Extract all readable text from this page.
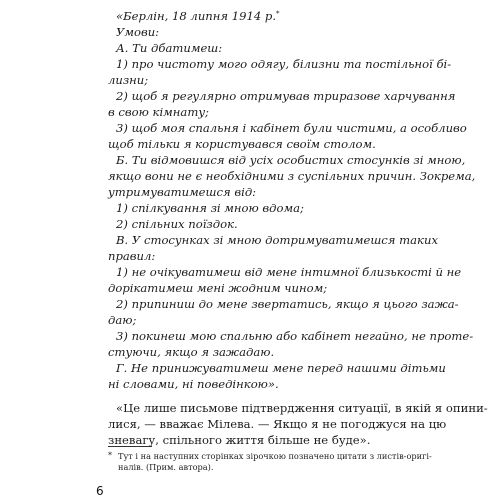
«Берлін, 18 липня 1914 р.*
Умови:
А. Ти дбатимеш:
1) про чистоту мого одягу, білизни та постільної бі-
лизни;
2) щоб я регулярно отримував триразове харчування
в свою кімнату;
3) щоб моя спальня і кабінет були чистими, а особливо
щоб тільки я користувався своїм столом.
Б. Ти відмовишся від усіх особистих стосунків зі мною,
якщо вони не є необхідними з суспільних причин. Зокрема,
утримуватимешся від:
1) спілкування зі мною вдома;
2) спільних поїздок.
В. У стосунках зі мною дотримуватимешся таких
правил:
1) не очікуватимеш від мене інтимної близькості й не
дорікатимеш мені жодним чином;
2) припиниш до мене звертатись, якщо я цього зажа-
даю;
3) покинеш мою спальню або кабінет негайно, не протe-
стуючи, якщо я зажадаю.
Г. Не принижуватимеш мене перед нашими дітьми
ні словами, ні поведінкою».
«Це лише письмове підтвердження ситуації, в якій я опини-
лися, — вважає Мілева. — Якщо я не погоджуся на цю
зневагу, спільного життя більше не буде».
* Тут і на наступних сторінках зірочкою позначено цитати з листів-оригі-
налів. (Прим. автора).
6
